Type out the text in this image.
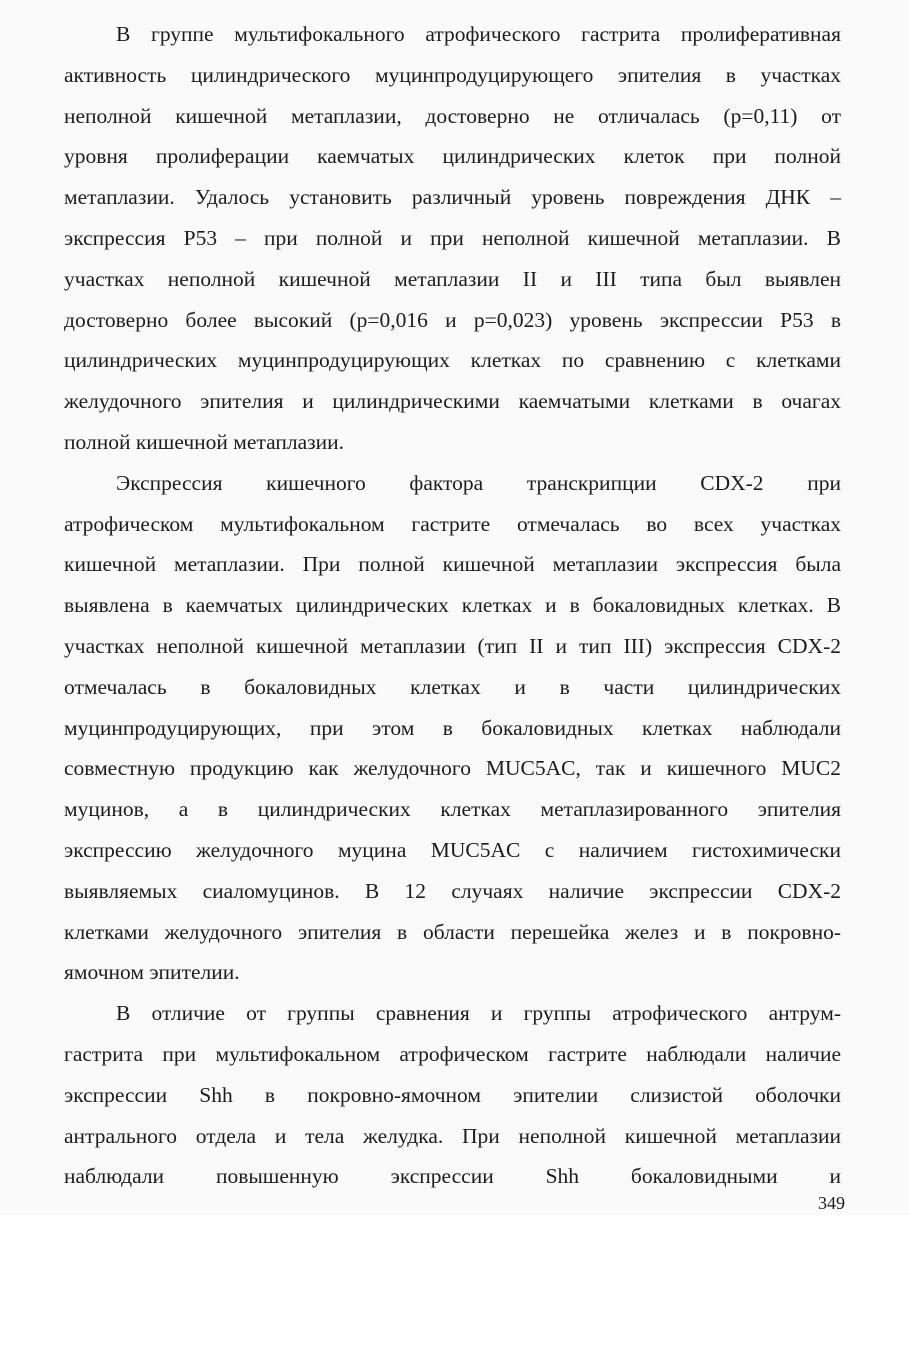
В группе мультифокального атрофического гастрита пролиферативная
активность цилиндрического муцинпродуцирующего эпителия в участках
неполной кишечной метаплазии, достоверно не отличалась (р=0,11) от
уровня пролиферации каемчатых цилиндрических клеток при полной
метаплазии. Удалось установить различный уровень повреждения ДНК –
экспрессия Р53 – при полной и при неполной кишечной метаплазии. В
участках неполной кишечной метаплазии II и III типа был выявлен
достоверно более высокий (р=0,016 и р=0,023) уровень экспрессии Р53 в
цилиндрических муцинпродуцирующих клетках по сравнению с клетками
желудочного эпителия и цилиндрическими каемчатыми клетками в очагах
полной кишечной метаплазии.
Экспрессия кишечного фактора транскрипции CDX-2 при
атрофическом мультифокальном гастрите отмечалась во всех участках
кишечной метаплазии. При полной кишечной метаплазии экспрессия была
выявлена в каемчатых цилиндрических клетках и в бокаловидных клетках. В
участках неполной кишечной метаплазии (тип II и тип III) экспрессия CDX-2
отмечалась в бокаловидных клетках и в части цилиндрических
муцинпродуцирующих, при этом в бокаловидных клетках наблюдали
совместную продукцию как желудочного MUC5AC, так и кишечного MUC2
муцинов, а в цилиндрических клетках метаплазированного эпителия
экспрессию желудочного муцина MUC5AC с наличием гистохимически
выявляемых сиаломуцинов. В 12 случаях наличие экспрессии CDX-2
клетками желудочного эпителия в области перешейка желез и в покровно-
ямочном эпителии.
В отличие от группы сравнения и группы атрофического антрум-
гастрита при мультифокальном атрофическом гастрите наблюдали наличие
экспрессии Shh в покровно-ямочном эпителии слизистой оболочки
антрального отдела и тела желудка. При неполной кишечной метаплазии
наблюдали повышенную экспрессии Shh бокаловидными и
349
